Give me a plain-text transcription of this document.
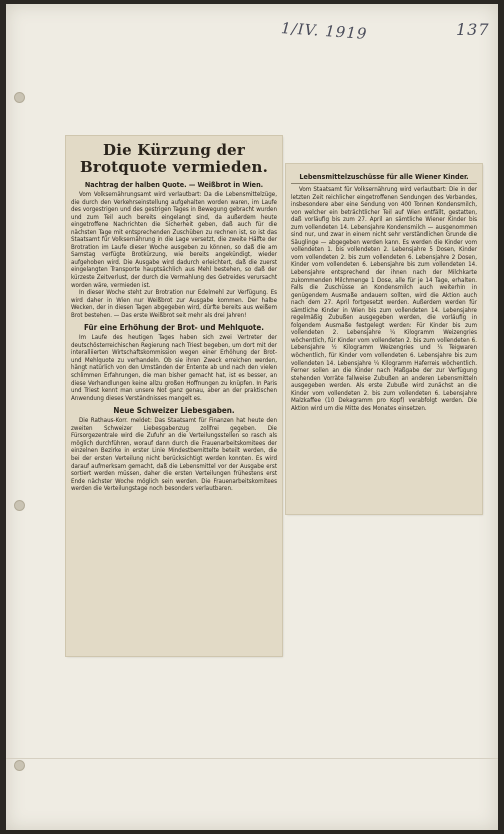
1/IV. 1919	137
Die Kürzung der Brotquote vermieden.
Nachtrag der halben Quote. — Weißbrot in Wien.

Vom Volksernährungsamt wird verlautbart: Da die Lebensmittelzüge, die durch den Verkehrseinstellung aufgehalten worden waren, im Laufe des vorgestrigen und des gestrigen Tages in Bewegung gebracht wurden und zum Teil auch bereits eingelangt sind, da außerdem heute eingetroffene Nachrichten die Sicherheit geben, daß auch für die nächsten Tage mit entsprechenden Zuschüben zu rechnen ist, so ist das Staatsamt für Volksernährung in die Lage versetzt, die zweite Hälfte der Brotration im Laufe dieser Woche ausgeben zu können, so daß die am Samstag verfügte Brotkürzung, wie bereits angekündigt, wieder aufgehoben wird. Die Ausgabe wird dadurch erleichtert, daß die zuerst eingelangten Transporte hauptsächlich aus Mehl bestehen, so daß der kürzeste Zeitverlust, der durch die Vermahlung des Getreides verursacht worden wäre, vermieden ist.

In dieser Woche steht zur Brotration nur Edelmehl zur Verfügung. Es wird daher in Wien nur Weißbrot zur Ausgabe kommen. Der halbe Wecken, der in diesen Tagen abgegeben wird, dürfte bereits aus weißem Brot bestehen. — Das erste Weißbrot seit mehr als drei Jahren!

Für eine Erhöhung der Brot- und Mehlquote.

Im Laufe des heutigen Tages haben sich zwei Vertreter der deutschösterreichischen Regierung nach Triest begeben, um dort mit der interalliierten Wirtschaftskommission wegen einer Erhöhung der Brot- und Mehlquote zu verhandeln. Ob sie ihren Zweck erreichen werden, hängt natürlich von den Umständen der Entente ab und nach den vielen schlimmen Erfahrungen, die man bisher gemacht hat, ist es besser, an diese Verhandlungen keine allzu großen Hoffnungen zu knüpfen. In Paris und Triest kennt man unsere Not ganz genau, aber an der praktischen Anwendung dieses Verständnisses mangelt es.

Neue Schweizer Liebesgaben.

Die Rathaus-Korr. meldet: Das Staatsamt für Finanzen hat heute den zweiten Schweizer Liebesgabenzug zollfrei gegeben. Die Fürsorgezentrale wird die Zufuhr an die Verteilungsstellen so rasch als möglich durchführen, worauf dann durch die Frauenarbeitskomitees der einzelnen Bezirke in erster Linie Mindestbemittelte beteilt werden, die bei der ersten Verteilung nicht berücksichtigt werden konnten. Es wird darauf aufmerksam gemacht, daß die Lebensmittel vor der Ausgabe erst sortiert werden müssen, daher die ersten Verteilungen frühestens erst Ende nächster Woche möglich sein werden. Die Frauenarbeitskomitees werden die Verteilungstage noch besonders verlautbaren.

Lebensmittelzuschüsse für alle Wiener Kinder.

Vom Staatsamt für Volksernährung wird verlautbart: Die in der letzten Zeit reichlicher eingetroffenen Sendungen des Verbandes, insbesondere aber eine Sendung von 400 Tonnen Kondensmilch, von welcher ein beträchtlicher Teil auf Wien entfällt, gestatten, daß vorläufig bis zum 27. April an sämtliche Wiener Kinder bis zum vollendeten 14. Lebensjahre Kondensmilch — ausgenommen sind nur, und zwar in einem nicht sehr verständlichen Grunde die Säuglinge — abgegeben werden kann. Es werden die Kinder vom vollendeten 1. bis vollendeten 2. Lebensjahre 5 Dosen, Kinder vom vollendeten 2. bis zum vollendeten 6. Lebensjahre 2 Dosen, Kinder vom vollendeten 6. Lebensjahre bis zum vollendeten 14. Lebensjahre entsprechend der ihnen nach der Milchkarte zukommenden Milchmenge 1 Dose, alle für je 14 Tage, erhalten. Falls die Zuschüsse an Kondensmilch auch weiterhin in genügendem Ausmaße andauern sollten, wird die Aktion auch nach dem 27. April fortgesetzt werden. Außerdem werden für sämtliche Kinder in Wien bis zum vollendeten 14. Lebensjahre regelmäßig Zubußen ausgegeben werden, die vorläufig in folgendem Ausmaße festgelegt werden: Für Kinder bis zum vollendeten 2. Lebensjahre ¼ Kilogramm Weizengries wöchentlich, für Kinder vom vollendeten 2. bis zum vollendeten 6. Lebensjahre ½ Kilogramm Weizengries und ¼ Teigwaren wöchentlich, für Kinder vom vollendeten 6. Lebensjahre bis zum vollendeten 14. Lebensjahre ¼ Kilogramm Haferreis wöchentlich. Ferner sollen an die Kinder nach Maßgabe der zur Verfügung stehenden Vorräte fallweise Zubußen an anderen Lebensmitteln ausgegeben werden. Als erste Zubuße wird zunächst an die Kinder vom vollendeten 2. bis zum vollendeten 6. Lebensjahre Malzkaffee (10 Dekagramm pro Kopf) verabfolgt werden. Die Aktion wird um die Mitte des Monates einsetzen.
